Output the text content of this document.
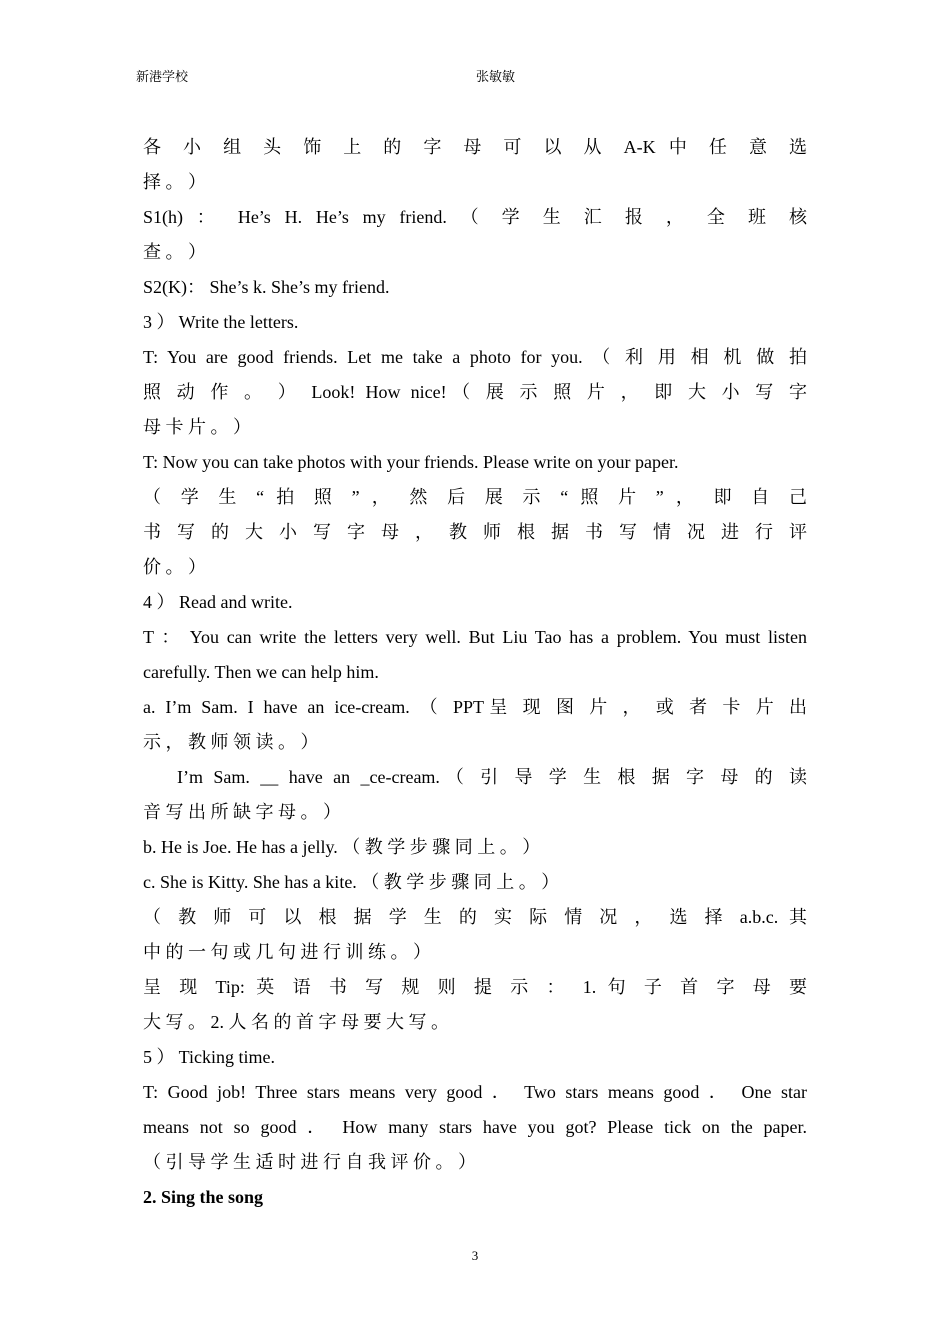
新港学校	张敏敏
各 小 组 头 饰 上 的 字 母 可 以 从 A-K 中 任 意 选
择 。 ）
S1(h) ： He’s H. He’s my friend. （ 学 生 汇 报 ， 全 班 核
查 。 ）
S2(K)： She’s k. She’s my friend.
3 ） Write the letters.
T: You are good friends. Let me take a photo for you. （ 利 用 相 机 做 拍
照 动 作 。 ） Look! How nice!（ 展 示 照 片 ， 即 大 小 写 字
母 卡 片 。 ）
T: Now you can take photos with your friends. Please write on your paper.
（ 学 生 “ 拍 照 ” ， 然 后 展 示 “ 照 片 ” ， 即 自 己
书 写 的 大 小 写 字 母 ， 教 师 根 据 书 写 情 况 进 行 评
价 。 ）
4 ） Read and write.
T ： You can write the letters very well. But Liu Tao has a problem. You must listen
carefully. Then we can help him.
a. I’m Sam. I have an ice-cream. （ PPT呈 现 图 片 ， 或 者 卡 片 出
示 ， 教 师 领 读 。 ）
I’m Sam. __ have an _ce-cream.（ 引 导 学 生 根 据 字 母 的 读
音 写 出 所 缺 字 母 。 ）
b. He is Joe. He has a jelly. （ 教 学 步 骤 同 上 。 ）
c. She is Kitty. She has a kite. （ 教 学 步 骤 同 上 。 ）
（ 教 师 可 以 根 据 学 生 的 实 际 情 况 ， 选 择 a.b.c. 其
中 的 一 句 或 几 句 进 行 训 练 。 ）
呈 现 Tip: 英 语 书 写 规 则 提 示 ： 1. 句 子 首 字 母 要
大 写 。 2. 人 名 的 首 字 母 要 大 写 。
5 ） Ticking time.
T: Good job! Three stars means very good ． Two stars means good ． One star
means not so good ． How many stars have you got? Please tick on the paper.
（ 引 导 学 生 适 时 进 行 自 我 评 价 。 ）
2. Sing the song
3
